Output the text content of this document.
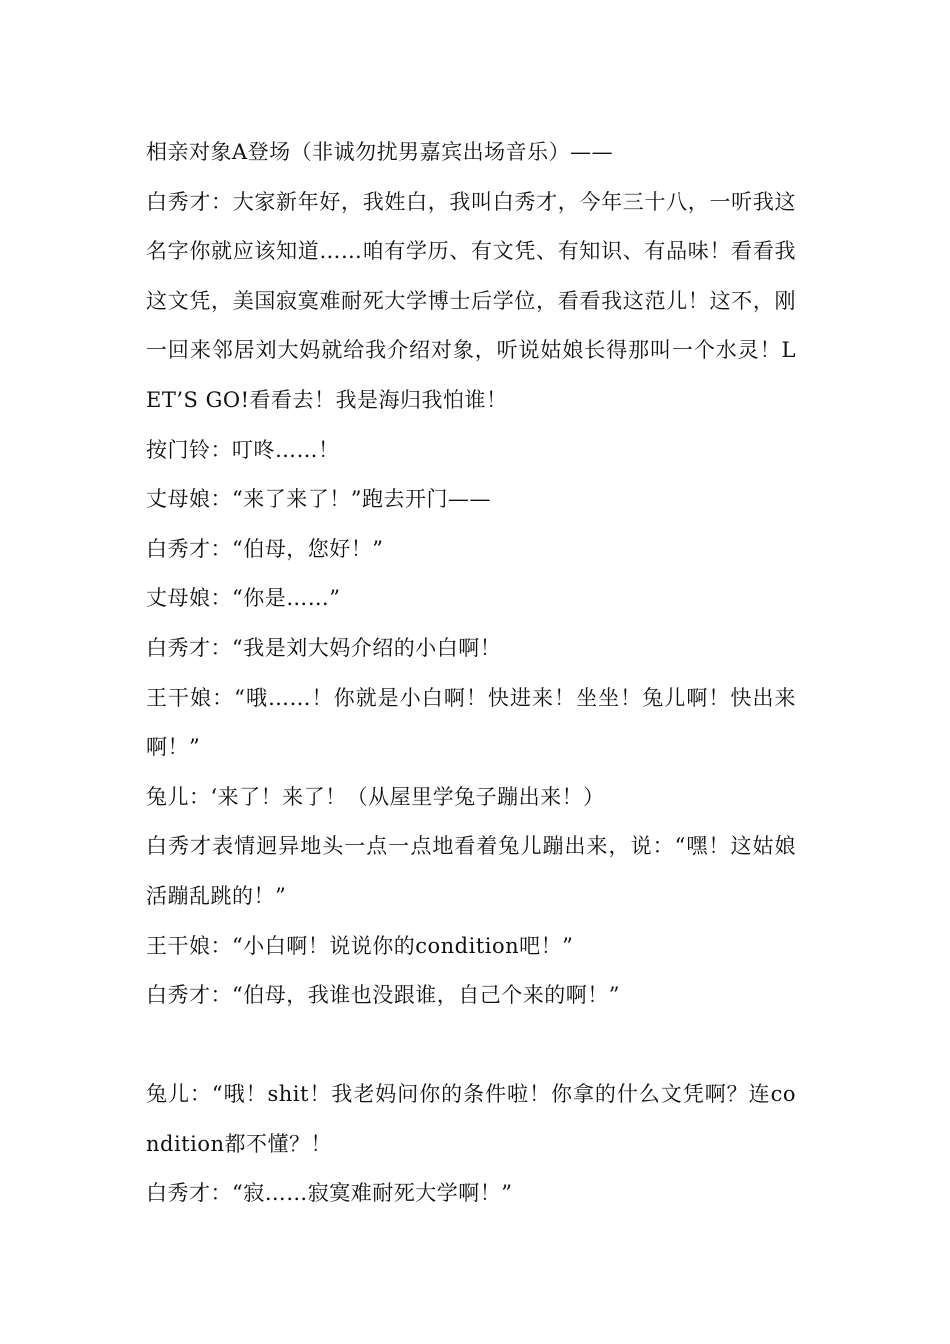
相亲对象A登场（非诚勿扰男嘉宾出场音乐）——

白秀才：大家新年好，我姓白，我叫白秀才，今年三十八，一听我这名字你就应该知道……咱有学历、有文凭、有知识、有品味！看看我这文凭，美国寂寞难耐死大学博士后学位，看看我这范儿！这不，刚一回来邻居刘大妈就给我介绍对象，听说姑娘长得那叫一个水灵！LET’S GO!看看去！我是海归我怕谁！

按门铃：叮咚……！

丈母娘：“来了来了！”跑去开门——

白秀才：“伯母，您好！”

丈母娘：“你是……”

白秀才：“我是刘大妈介绍的小白啊！

王干娘：“哦……！你就是小白啊！快进来！坐坐！兔儿啊！快出来啊！”

兔儿：‘来了！来了！（从屋里学兔子蹦出来！）

白秀才表情迥异地头一点一点地看着兔儿蹦出来，说：“嘿！这姑娘活蹦乱跳的！”

王干娘：“小白啊！说说你的condition吧！”

白秀才：“伯母，我谁也没跟谁，自己个来的啊！”

兔儿：“哦！shit！我老妈问你的条件啦！你拿的什么文凭啊？连condition都不懂？！

白秀才：“寂……寂寞难耐死大学啊！”
